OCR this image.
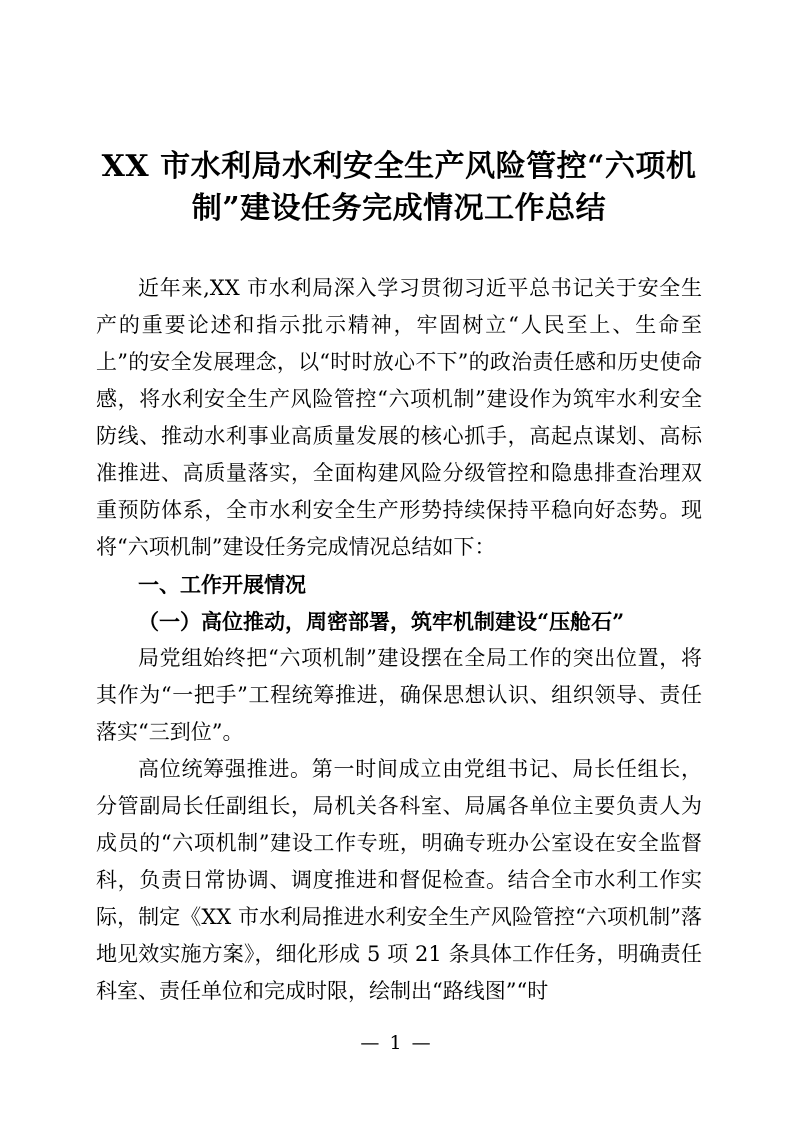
XX 市水利局水利安全生产风险管控“六项机制”建设任务完成情况工作总结

近年来,XX 市水利局深入学习贯彻习近平总书记关于安全生产的重要论述和指示批示精神，牢固树立“人民至上、生命至上”的安全发展理念，以“时时放心不下”的政治责任感和历史使命感，将水利安全生产风险管控“六项机制”建设作为筑牢水利安全防线、推动水利事业高质量发展的核心抓手，高起点谋划、高标准推进、高质量落实，全面构建风险分级管控和隐患排查治理双重预防体系，全市水利安全生产形势持续保持平稳向好态势。现将“六项机制”建设任务完成情况总结如下：

一、工作开展情况

（一）高位推动，周密部署，筑牢机制建设“压舱石”

局党组始终把“六项机制”建设摆在全局工作的突出位置，将其作为“一把手”工程统筹推进，确保思想认识、组织领导、责任落实“三到位”。

高位统筹强推进。第一时间成立由党组书记、局长任组长，分管副局长任副组长，局机关各科室、局属各单位主要负责人为成员的“六项机制”建设工作专班，明确专班办公室设在安全监督科，负责日常协调、调度推进和督促检查。结合全市水利工作实际，制定《XX 市水利局推进水利安全生产风险管控“六项机制”落地见效实施方案》，细化形成 5 项 21 条具体工作任务，明确责任科室、责任单位和完成时限，绘制出“路线图”“时

— 1 —
